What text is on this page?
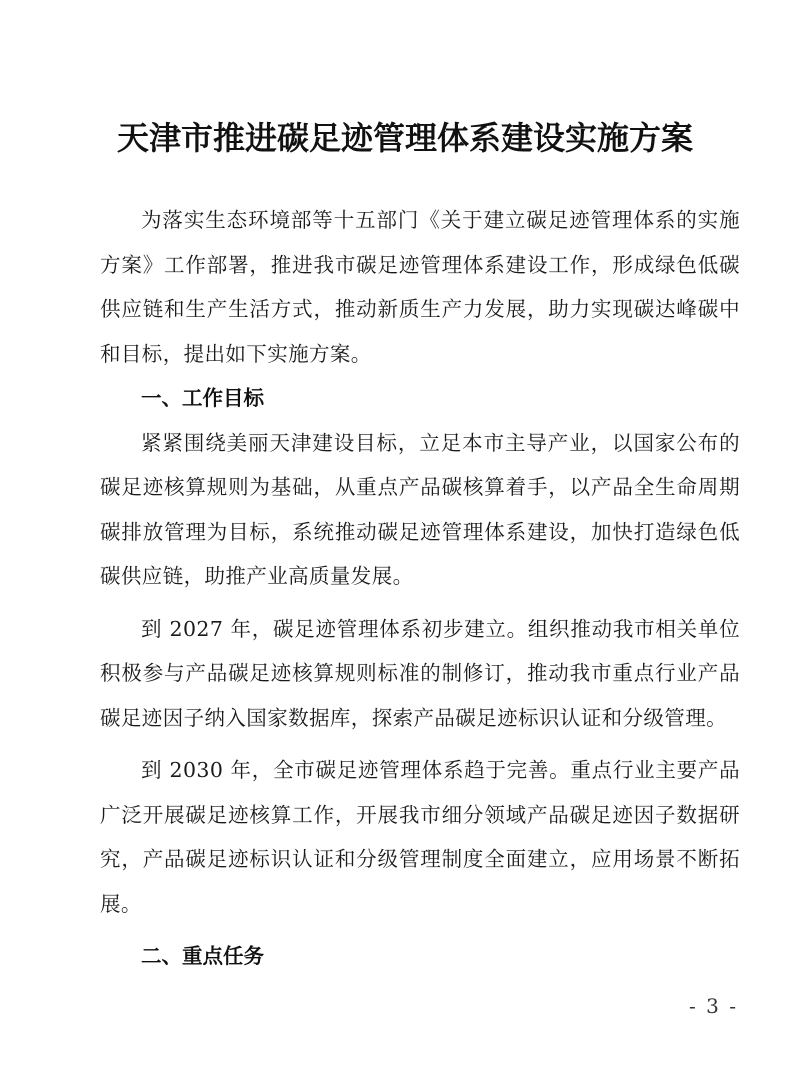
天津市推进碳足迹管理体系建设实施方案

为落实生态环境部等十五部门《关于建立碳足迹管理体系的实施方案》工作部署，推进我市碳足迹管理体系建设工作，形成绿色低碳供应链和生产生活方式，推动新质生产力发展，助力实现碳达峰碳中和目标，提出如下实施方案。

一、工作目标

紧紧围绕美丽天津建设目标，立足本市主导产业，以国家公布的碳足迹核算规则为基础，从重点产品碳核算着手，以产品全生命周期碳排放管理为目标，系统推动碳足迹管理体系建设，加快打造绿色低碳供应链，助推产业高质量发展。

到 2027 年，碳足迹管理体系初步建立。组织推动我市相关单位积极参与产品碳足迹核算规则标准的制修订，推动我市重点行业产品碳足迹因子纳入国家数据库，探索产品碳足迹标识认证和分级管理。

到 2030 年，全市碳足迹管理体系趋于完善。重点行业主要产品广泛开展碳足迹核算工作，开展我市细分领域产品碳足迹因子数据研究，产品碳足迹标识认证和分级管理制度全面建立，应用场景不断拓展。

二、重点任务

- 3 -
